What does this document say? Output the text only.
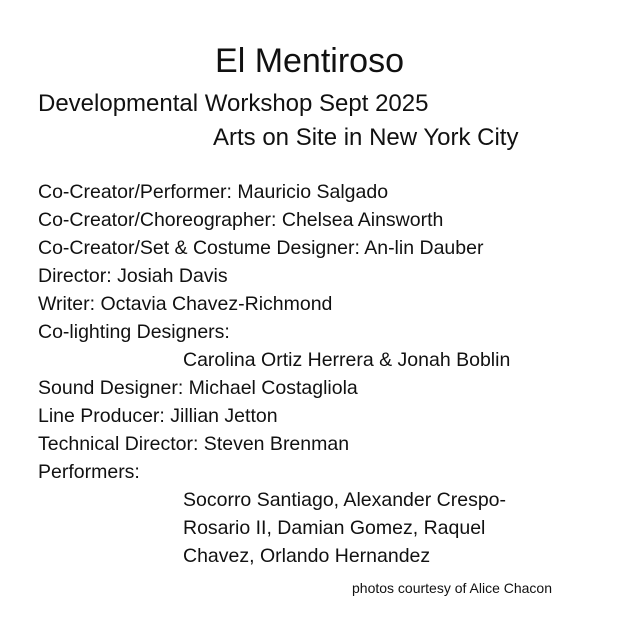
El Mentiroso
Developmental Workshop Sept 2025
Arts on Site in New York City
Co-Creator/Performer: Mauricio Salgado
Co-Creator/Choreographer: Chelsea Ainsworth
Co-Creator/Set & Costume Designer: An-lin Dauber
Director: Josiah Davis
Writer: Octavia Chavez-Richmond
Co-lighting Designers:
Carolina Ortiz Herrera & Jonah Boblin
Sound Designer: Michael Costagliola
Line Producer: Jillian Jetton
Technical Director: Steven Brenman
Performers:
Socorro Santiago, Alexander Crespo-
Rosario II, Damian Gomez, Raquel
Chavez, Orlando Hernandez
photos courtesy of Alice Chacon
